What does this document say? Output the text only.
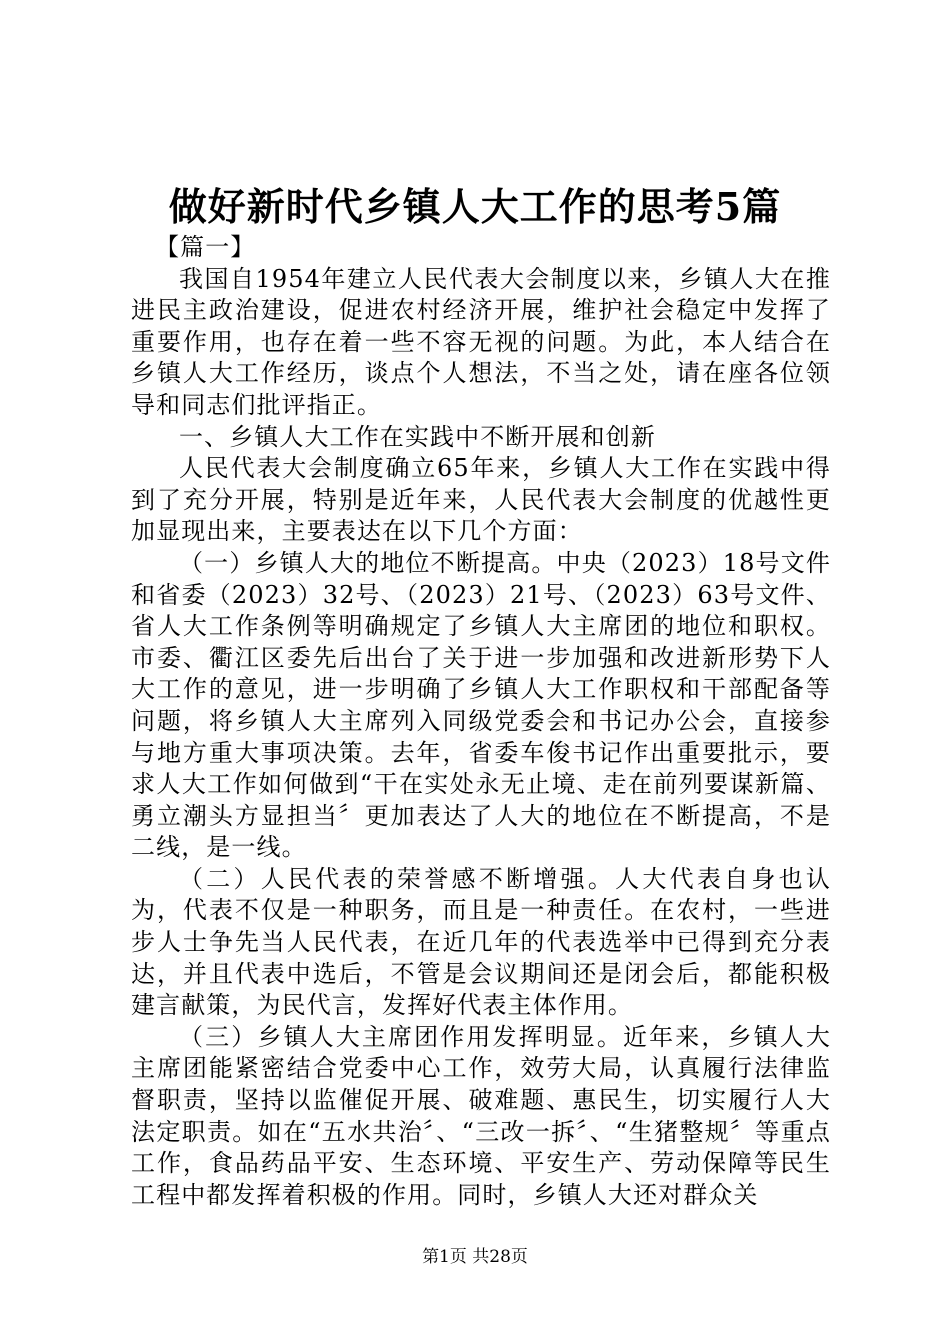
做好新时代乡镇人大工作的思考5篇

【篇一】

我国自1954年建立人民代表大会制度以来，乡镇人大在推进民主政治建设，促进农村经济开展，维护社会稳定中发挥了重要作用，也存在着一些不容无视的问题。为此，本人结合在乡镇人大工作经历，谈点个人想法，不当之处，请在座各位领导和同志们批评指正。

一、乡镇人大工作在实践中不断开展和创新

人民代表大会制度确立65年来，乡镇人大工作在实践中得到了充分开展，特别是近年来，人民代表大会制度的优越性更加显现出来，主要表达在以下几个方面：

（一）乡镇人大的地位不断提高。中央（2023）18号文件和省委（2023）32号、（2023）21号、（2023）63号文件、省人大工作条例等明确规定了乡镇人大主席团的地位和职权。市委、衢江区委先后出台了关于进一步加强和改进新形势下人大工作的意见，进一步明确了乡镇人大工作职权和干部配备等问题，将乡镇人大主席列入同级党委会和书记办公会，直接参与地方重大事项决策。去年，省委车俊书记作出重要批示，要求人大工作如何做到“干在实处永无止境、走在前列要谋新篇、勇立潮头方显担当〞更加表达了人大的地位在不断提高，不是二线，是一线。

（二）人民代表的荣誉感不断增强。人大代表自身也认为，代表不仅是一种职务，而且是一种责任。在农村，一些进步人士争先当人民代表，在近几年的代表选举中已得到充分表达，并且代表中选后，不管是会议期间还是闭会后，都能积极建言献策，为民代言，发挥好代表主体作用。

（三）乡镇人大主席团作用发挥明显。近年来，乡镇人大主席团能紧密结合党委中心工作，效劳大局，认真履行法律监督职责，坚持以监催促开展、破难题、惠民生，切实履行人大法定职责。如在“五水共治〞、“三改一拆〞、“生猪整规〞等重点工作，食品药品平安、生态环境、平安生产、劳动保障等民生工程中都发挥着积极的作用。同时，乡镇人大还对群众关

第1页 共28页
